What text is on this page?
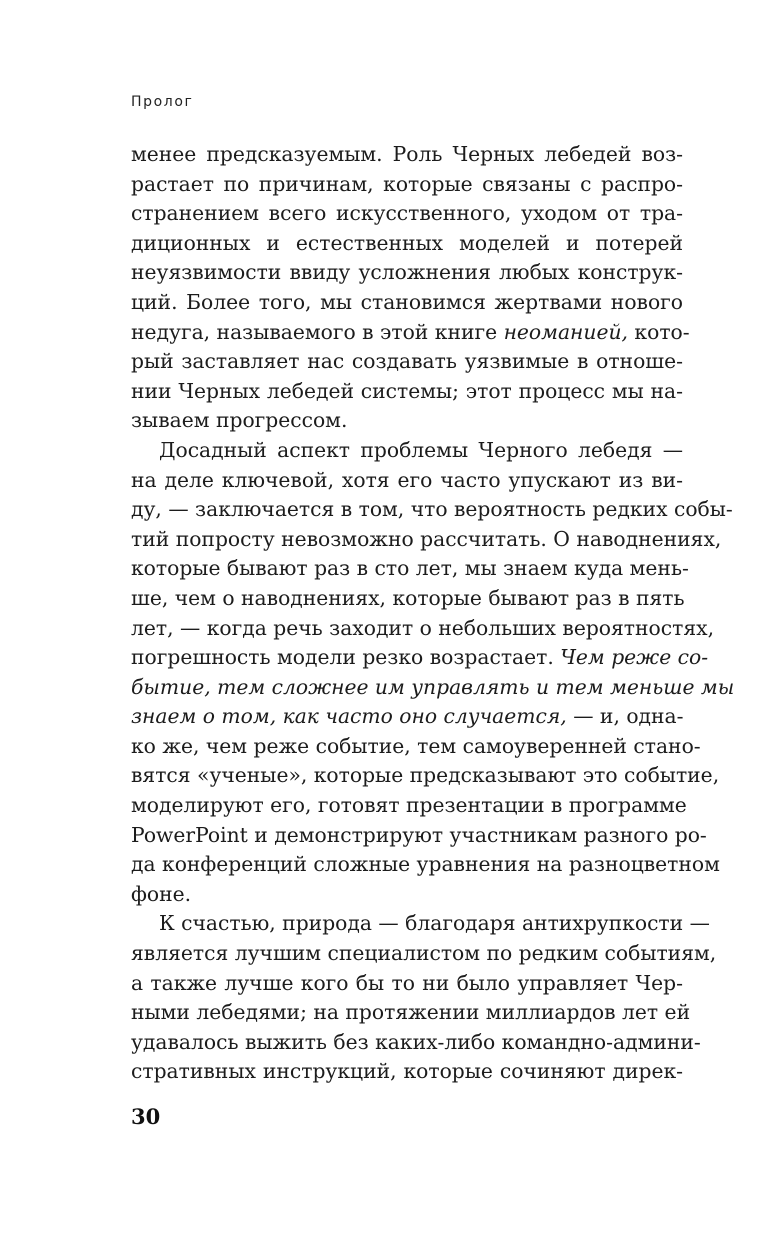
Пролог
менее предсказуемым. Роль Черных лебедей воз-
растает по причинам, которые связаны с распро-
странением всего искусственного, уходом от тра-
диционных и естественных моделей и потерей
неуязвимости ввиду усложнения любых конструк-
ций. Более того, мы становимся жертвами нового
недуга, называемого в этой книге неоманией, кото-
рый заставляет нас создавать уязвимые в отноше-
нии Черных лебедей системы; этот процесс мы на-
зываем прогрессом.
Досадный аспект проблемы Черного лебедя —
на деле ключевой, хотя его часто упускают из ви-
ду, — заключается в том, что вероятность редких собы-
тий попросту невозможно рассчитать. О наводнениях,
которые бывают раз в сто лет, мы знаем куда мень-
ше, чем о наводнениях, которые бывают раз в пять
лет, — когда речь заходит о небольших вероятностях,
погрешность модели резко возрастает. Чем реже со-
бытие, тем сложнее им управлять и тем меньше мы
знаем о том, как часто оно случается, — и, одна-
ко же, чем реже событие, тем самоуверенней стано-
вятся «ученые», которые предсказывают это событие,
моделируют его, готовят презентации в программе
PowerPoint и демонстрируют участникам разного ро-
да конференций сложные уравнения на разноцветном
фоне.
К счастью, природа — благодаря антихрупкости —
является лучшим специалистом по редким событиям,
а также лучше кого бы то ни было управляет Чер-
ными лебедями; на протяжении миллиардов лет ей
удавалось выжить без каких-либо командно-админи-
стративных инструкций, которые сочиняют дирек-
30
